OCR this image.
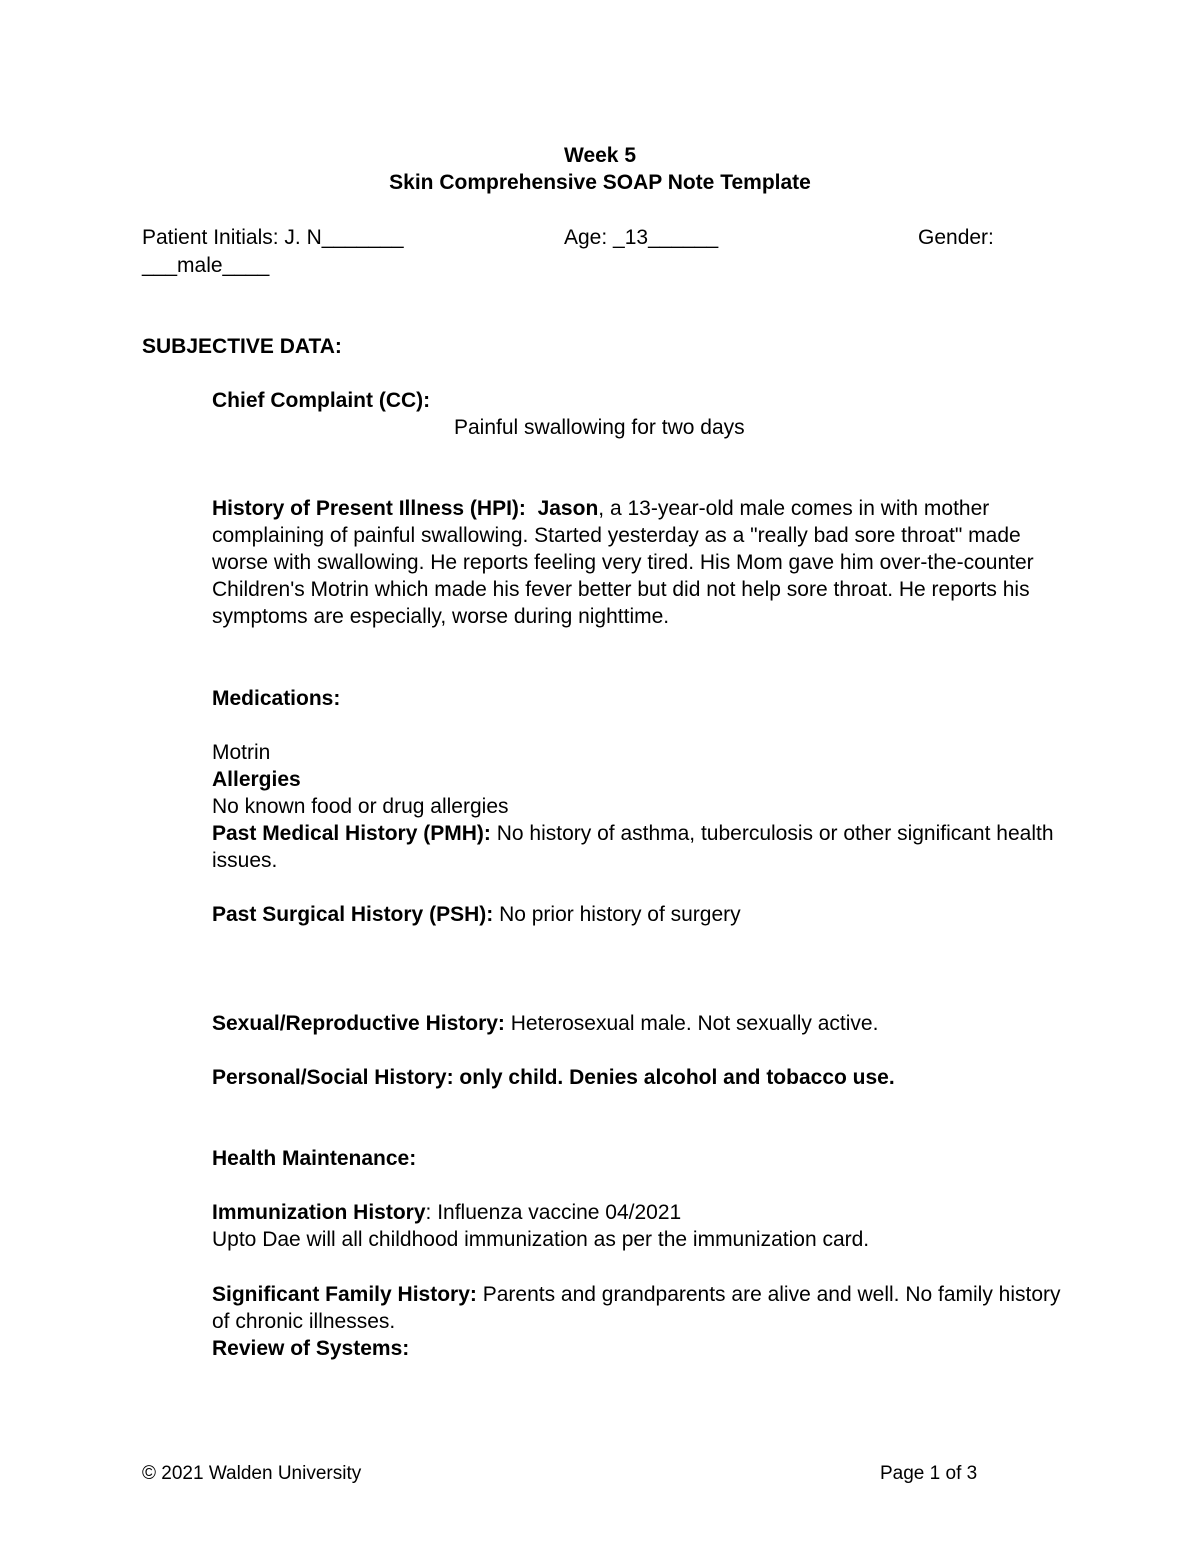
Week 5
Skin Comprehensive SOAP Note Template

Patient Initials: J. N_______	Age: _13______	Gender:

___male____

SUBJECTIVE DATA:

Chief Complaint (CC):

Painful swallowing for two days

History of Present Illness (HPI): Jason, a 13-year-old male comes in with mother complaining of painful swallowing. Started yesterday as a "really bad sore throat" made worse with swallowing. He reports feeling very tired. His Mom gave him over-the-counter Children's Motrin which made his fever better but did not help sore throat. He reports his symptoms are especially, worse during nighttime.

Medications:

Motrin

Allergies

No known food or drug allergies

Past Medical History (PMH): No history of asthma, tuberculosis or other significant health issues.

Past Surgical History (PSH): No prior history of surgery

Sexual/Reproductive History: Heterosexual male. Not sexually active.

Personal/Social History: only child. Denies alcohol and tobacco use.

Health Maintenance:

Immunization History: Influenza vaccine 04/2021

Upto Dae will all childhood immunization as per the immunization card.

Significant Family History: Parents and grandparents are alive and well. No family history of chronic illnesses.

Review of Systems:

© 2021 Walden University	Page 1 of 3
